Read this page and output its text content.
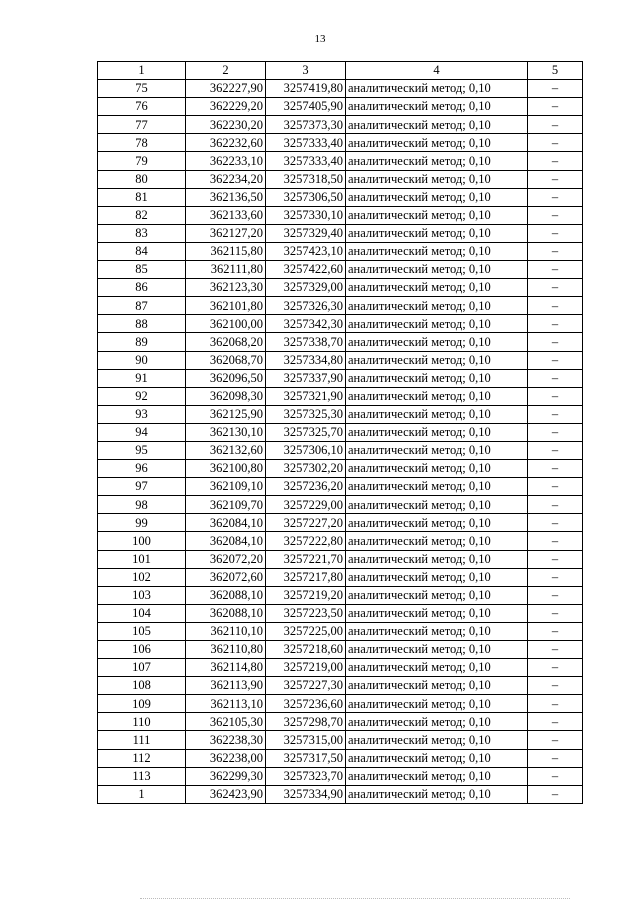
13
1	2	3	4	5
75	362227,90	3257419,80	аналитический метод; 0,10	–
76	362229,20	3257405,90	аналитический метод; 0,10	–
77	362230,20	3257373,30	аналитический метод; 0,10	–
78	362232,60	3257333,40	аналитический метод; 0,10	–
79	362233,10	3257333,40	аналитический метод; 0,10	–
80	362234,20	3257318,50	аналитический метод; 0,10	–
81	362136,50	3257306,50	аналитический метод; 0,10	–
82	362133,60	3257330,10	аналитический метод; 0,10	–
83	362127,20	3257329,40	аналитический метод; 0,10	–
84	362115,80	3257423,10	аналитический метод; 0,10	–
85	362111,80	3257422,60	аналитический метод; 0,10	–
86	362123,30	3257329,00	аналитический метод; 0,10	–
87	362101,80	3257326,30	аналитический метод; 0,10	–
88	362100,00	3257342,30	аналитический метод; 0,10	–
89	362068,20	3257338,70	аналитический метод; 0,10	–
90	362068,70	3257334,80	аналитический метод; 0,10	–
91	362096,50	3257337,90	аналитический метод; 0,10	–
92	362098,30	3257321,90	аналитический метод; 0,10	–
93	362125,90	3257325,30	аналитический метод; 0,10	–
94	362130,10	3257325,70	аналитический метод; 0,10	–
95	362132,60	3257306,10	аналитический метод; 0,10	–
96	362100,80	3257302,20	аналитический метод; 0,10	–
97	362109,10	3257236,20	аналитический метод; 0,10	–
98	362109,70	3257229,00	аналитический метод; 0,10	–
99	362084,10	3257227,20	аналитический метод; 0,10	–
100	362084,10	3257222,80	аналитический метод; 0,10	–
101	362072,20	3257221,70	аналитический метод; 0,10	–
102	362072,60	3257217,80	аналитический метод; 0,10	–
103	362088,10	3257219,20	аналитический метод; 0,10	–
104	362088,10	3257223,50	аналитический метод; 0,10	–
105	362110,10	3257225,00	аналитический метод; 0,10	–
106	362110,80	3257218,60	аналитический метод; 0,10	–
107	362114,80	3257219,00	аналитический метод; 0,10	–
108	362113,90	3257227,30	аналитический метод; 0,10	–
109	362113,10	3257236,60	аналитический метод; 0,10	–
110	362105,30	3257298,70	аналитический метод; 0,10	–
111	362238,30	3257315,00	аналитический метод; 0,10	–
112	362238,00	3257317,50	аналитический метод; 0,10	–
113	362299,30	3257323,70	аналитический метод; 0,10	–
1	362423,90	3257334,90	аналитический метод; 0,10	–
